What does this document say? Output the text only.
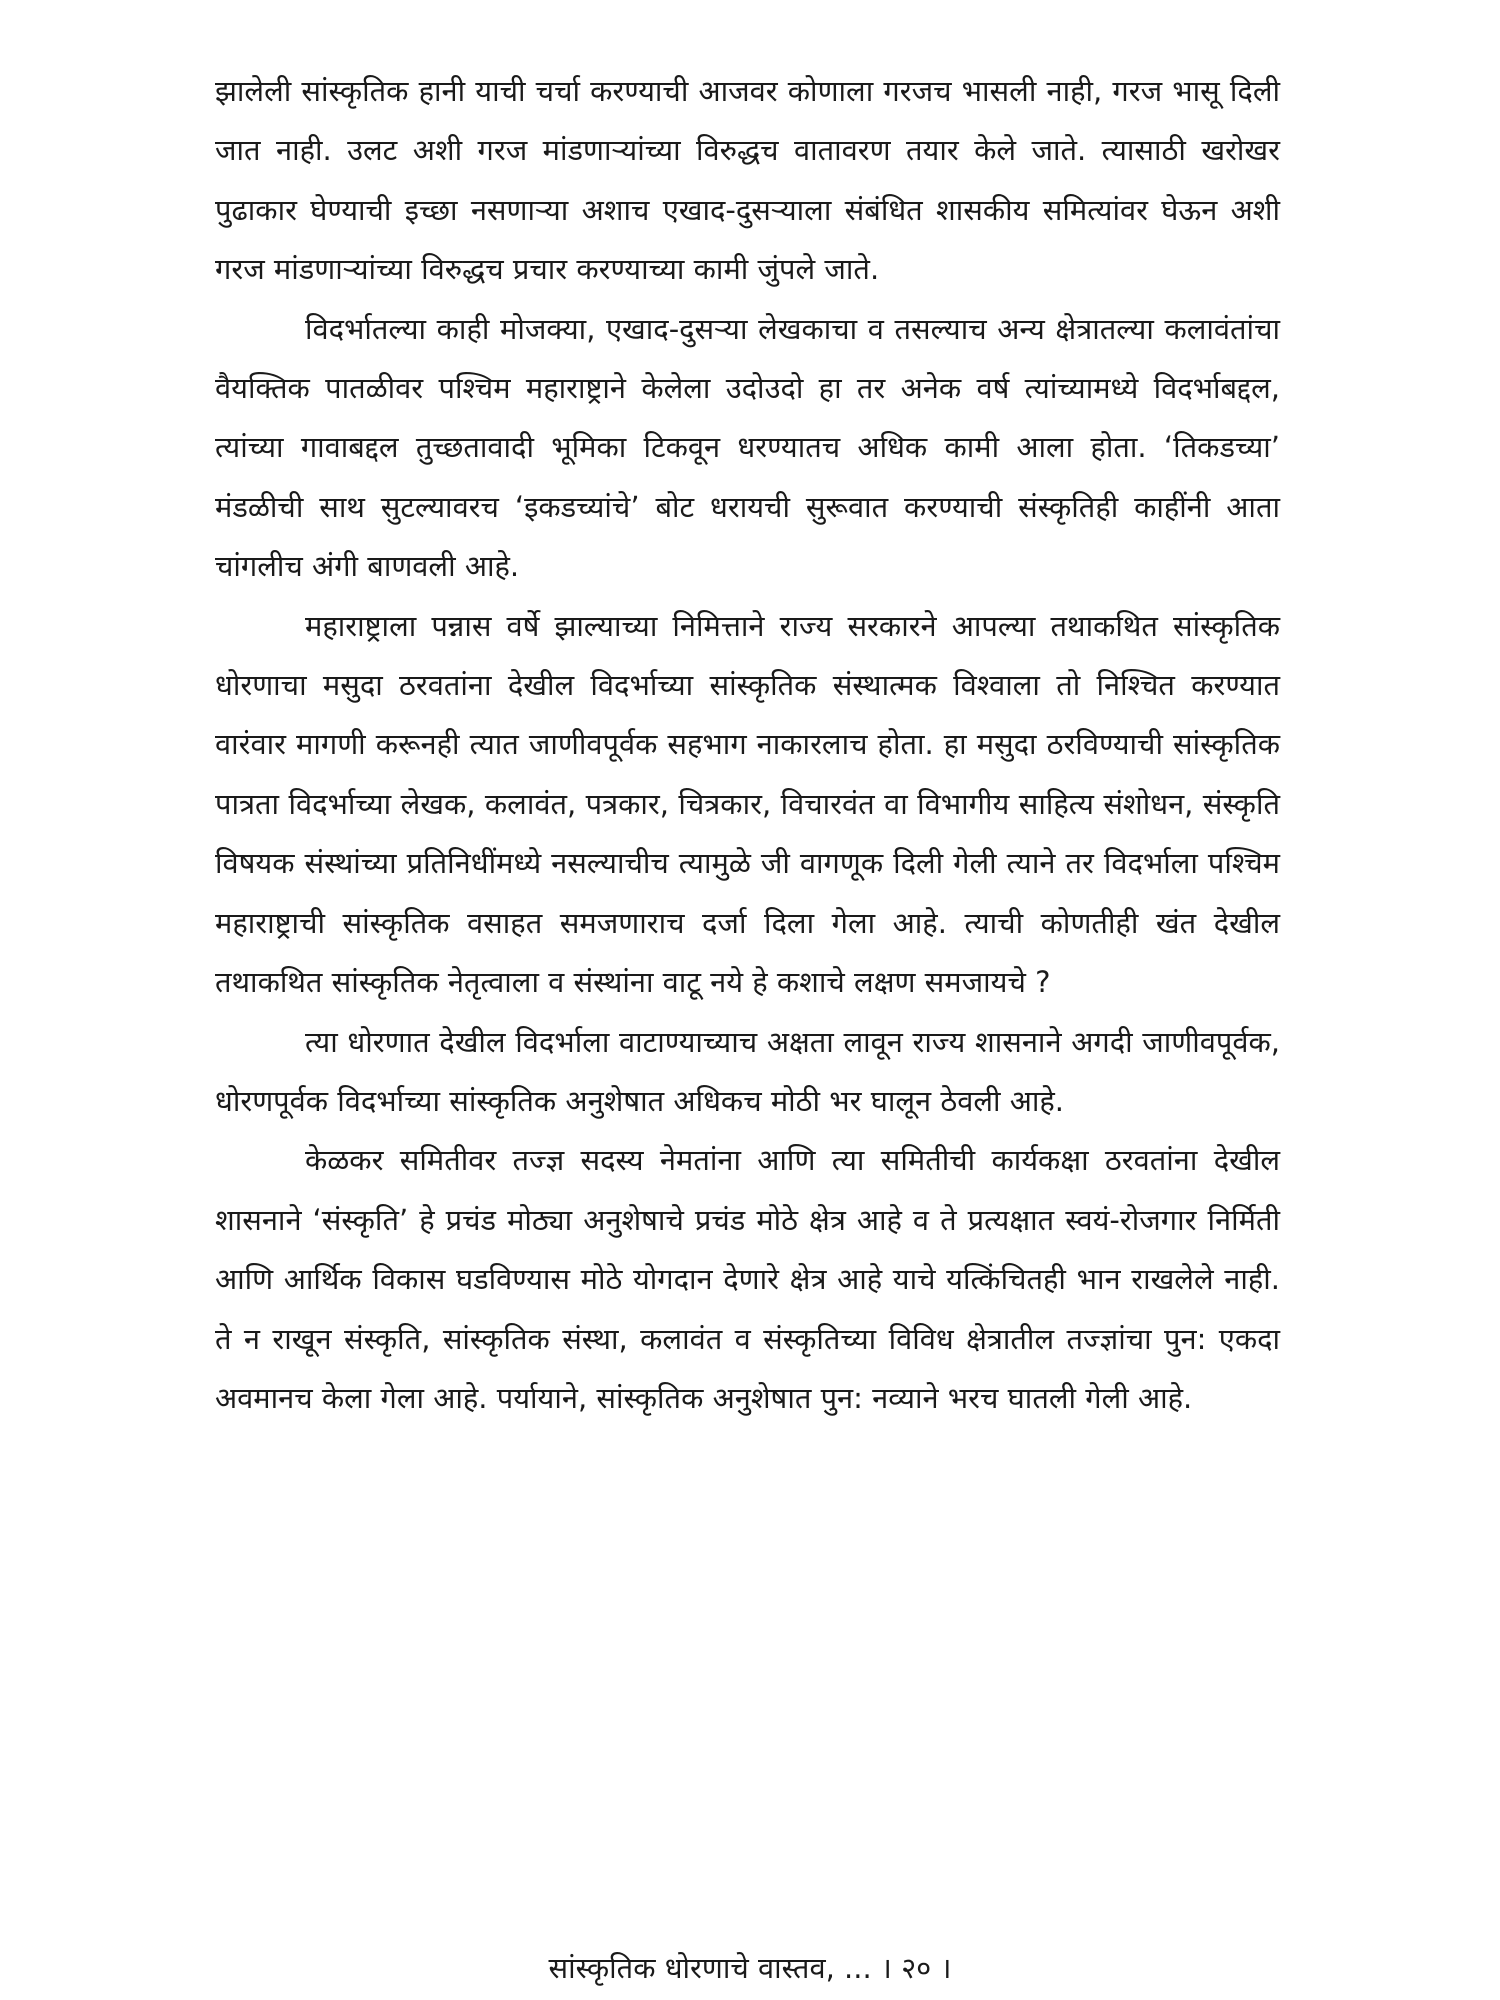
झालेली सांस्कृतिक हानी याची चर्चा करण्याची आजवर कोणाला गरजच भासली नाही, गरज भासू दिली जात नाही. उलट अशी गरज मांडणाऱ्यांच्या विरुद्धच वातावरण तयार केले जाते. त्यासाठी खरोखर पुढाकार घेण्याची इच्छा नसणाऱ्या अशाच एखाद-दुसऱ्याला संबंधित शासकीय समित्यांवर घेऊन अशी गरज मांडणाऱ्यांच्या विरुद्धच प्रचार करण्याच्या कामी जुंपले जाते.

विदर्भातल्या काही मोजक्या, एखाद-दुसऱ्या लेखकाचा व तसल्याच अन्य क्षेत्रातल्या कलावंतांचा वैयक्तिक पातळीवर पश्चिम महाराष्ट्राने केलेला उदोउदो हा तर अनेक वर्ष त्यांच्यामध्ये विदर्भाबद्दल, त्यांच्या गावाबद्दल तुच्छतावादी भूमिका टिकवून धरण्यातच अधिक कामी आला होता. ‘तिकडच्या’ मंडळीची साथ सुटल्यावरच ‘इकडच्यांचे’ बोट धरायची सुरूवात करण्याची संस्कृतिही काहींनी आता चांगलीच अंगी बाणवली आहे.

महाराष्ट्राला पन्नास वर्षे झाल्याच्या निमित्ताने राज्य सरकारने आपल्या तथाकथित सांस्कृतिक धोरणाचा मसुदा ठरवतांना देखील विदर्भाच्या सांस्कृतिक संस्थात्मक विश्वाला तो निश्चित करण्यात वारंवार मागणी करूनही त्यात जाणीवपूर्वक सहभाग नाकारलाच होता. हा मसुदा ठरविण्याची सांस्कृतिक पात्रता विदर्भाच्या लेखक, कलावंत, पत्रकार, चित्रकार, विचारवंत वा विभागीय साहित्य संशोधन, संस्कृति विषयक संस्थांच्या प्रतिनिधींमध्ये नसल्याचीच त्यामुळे जी वागणूक दिली गेली त्याने तर विदर्भाला पश्चिम महाराष्ट्राची सांस्कृतिक वसाहत समजणाराच दर्जा दिला गेला आहे. त्याची कोणतीही खंत देखील तथाकथित सांस्कृतिक नेतृत्वाला व संस्थांना वाटू नये हे कशाचे लक्षण समजायचे ?

त्या धोरणात देखील विदर्भाला वाटाण्याच्याच अक्षता लावून राज्य शासनाने अगदी जाणीवपूर्वक, धोरणपूर्वक विदर्भाच्या सांस्कृतिक अनुशेषात अधिकच मोठी भर घालून ठेवली आहे.

केळकर समितीवर तज्ज्ञ सदस्य नेमतांना आणि त्या समितीची कार्यकक्षा ठरवतांना देखील शासनाने ‘संस्कृति’ हे प्रचंड मोठ्या अनुशेषाचे प्रचंड मोठे क्षेत्र आहे व ते प्रत्यक्षात स्वयं-रोजगार निर्मिती आणि आर्थिक विकास घडविण्यास मोठे योगदान देणारे क्षेत्र आहे याचे यत्किंचितही भान राखलेले नाही. ते न राखून संस्कृति, सांस्कृतिक संस्था, कलावंत व संस्कृतिच्या विविध क्षेत्रातील तज्ज्ञांचा पुन: एकदा अवमानच केला गेला आहे. पर्यायाने, सांस्कृतिक अनुशेषात पुन: नव्याने भरच घातली गेली आहे.

सांस्कृतिक धोरणाचे वास्तव, ... । २० ।
